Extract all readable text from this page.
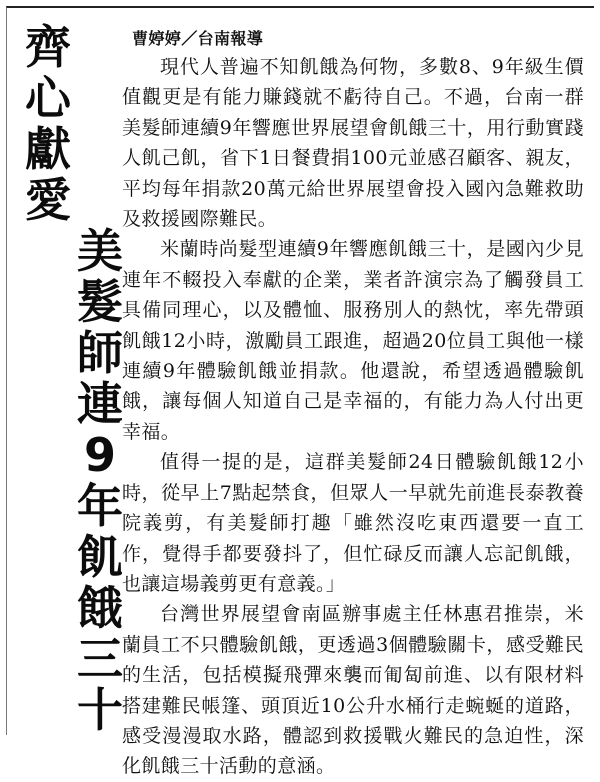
齊心獻愛
美髮師連9年飢餓三十
曹婷婷／台南報導

現代人普遍不知飢餓為何物，多數8、9年級生價值觀更是有能力賺錢就不虧待自己。不過，台南一群美髮師連續9年響應世界展望會飢餓三十，用行動實踐人飢己飢，省下1日餐費捐100元並感召顧客、親友，平均每年捐款20萬元給世界展望會投入國內急難救助及救援國際難民。

米蘭時尚髮型連續9年響應飢餓三十，是國內少見連年不輟投入奉獻的企業，業者許演宗為了觸發員工具備同理心，以及體恤、服務別人的熱忱，率先帶頭飢餓12小時，激勵員工跟進，超過20位員工與他一樣連續9年體驗飢餓並捐款。他還說，希望透過體驗飢餓，讓每個人知道自己是幸福的，有能力為人付出更幸福。

值得一提的是，這群美髮師24日體驗飢餓12小時，從早上7點起禁食，但眾人一早就先前進長泰教養院義剪，有美髮師打趣「雖然沒吃東西還要一直工作，覺得手都要發抖了，但忙碌反而讓人忘記飢餓，也讓這場義剪更有意義。」

台灣世界展望會南區辦事處主任林惠君推崇，米蘭員工不只體驗飢餓，更透過3個體驗關卡，感受難民的生活，包括模擬飛彈來襲而匍匐前進、以有限材料搭建難民帳篷、頭頂近10公升水桶行走蜿蜒的道路，感受漫漫取水路，體認到救援戰火難民的急迫性，深化飢餓三十活動的意涵。
